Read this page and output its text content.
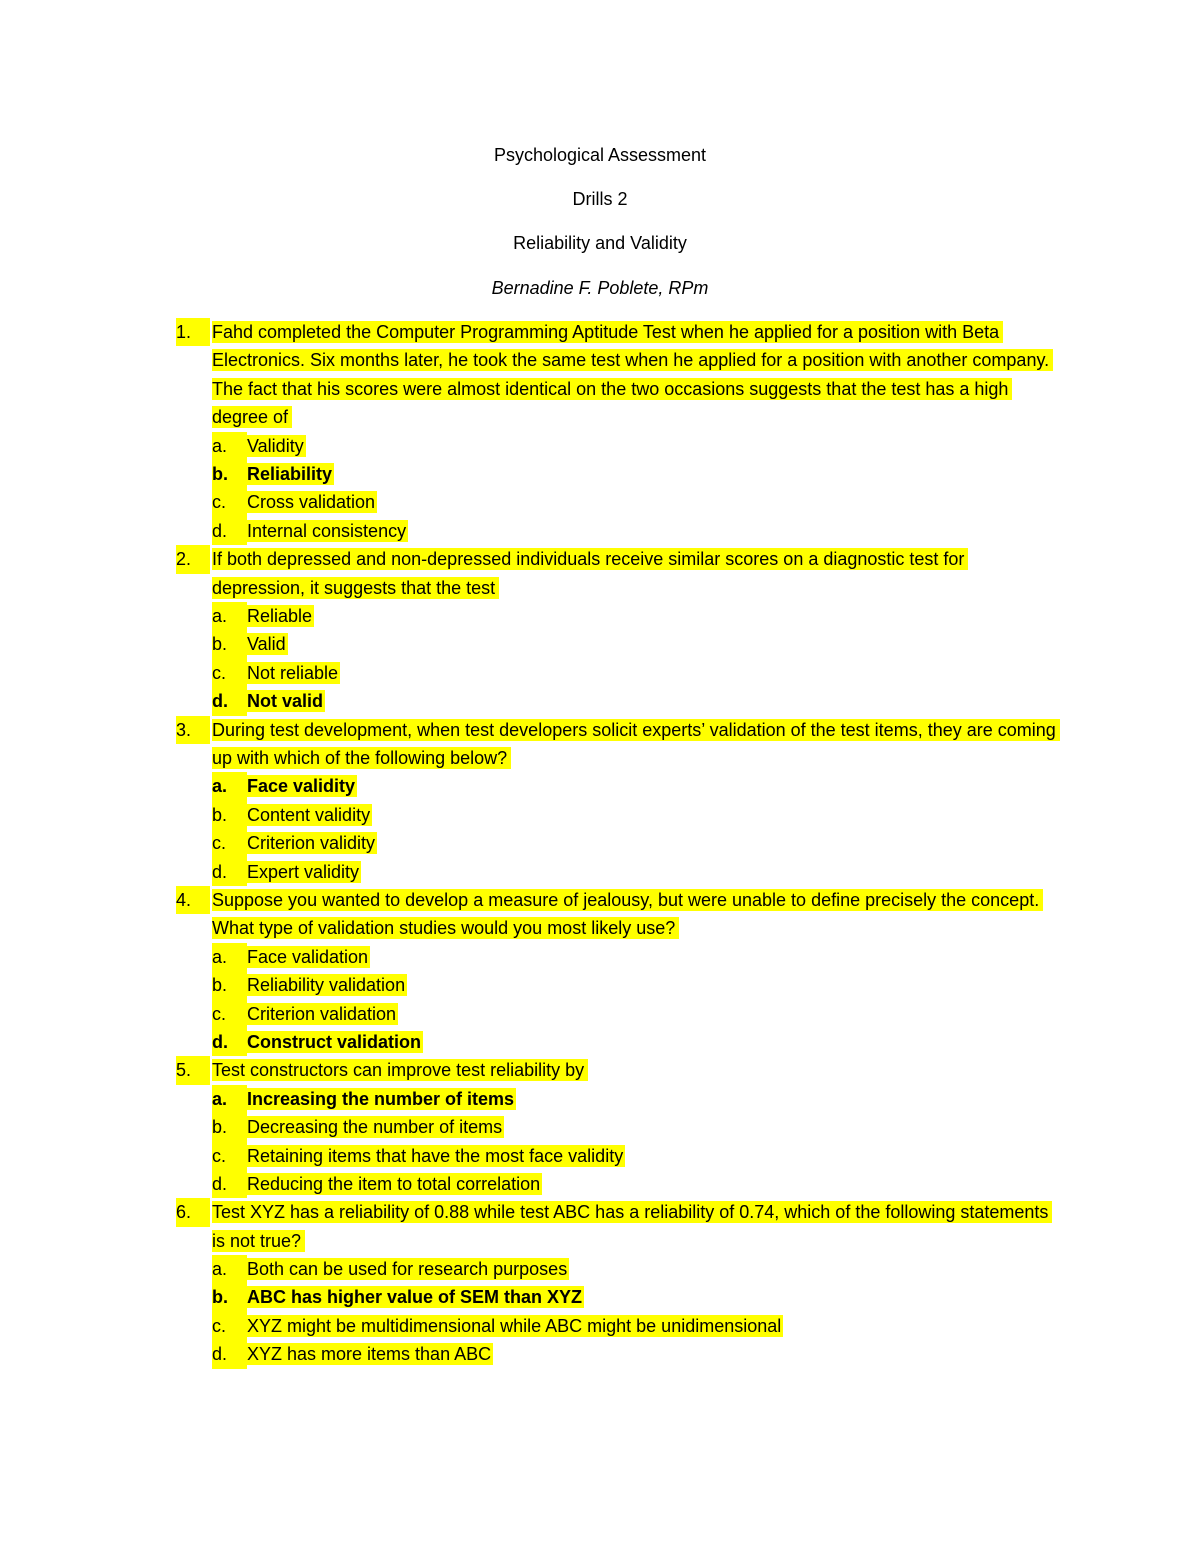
Psychological Assessment
Drills 2
Reliability and Validity
Bernadine F. Poblete, RPm
1.	Fahd completed the Computer Programming Aptitude Test when he applied for a position with Beta Electronics. Six months later, he took the same test when he applied for a position with another company. The fact that his scores were almost identical on the two occasions suggests that the test has a high degree of

a.	Validity
b.	Reliability
c.	Cross validation
d.	Internal consistency
2.	If both depressed and non-depressed individuals receive similar scores on a diagnostic test for depression, it suggests that the test

a.	Reliable
b.	Valid
c.	Not reliable
d.	Not valid
3.	During test development, when test developers solicit experts’ validation of the test items, they are coming up with which of the following below?

a.	Face validity
b.	Content validity
c.	Criterion validity
d.	Expert validity
4.	Suppose you wanted to develop a measure of jealousy, but were unable to define precisely the concept. What type of validation studies would you most likely use?

a.	Face validation
b.	Reliability validation
c.	Criterion validation
d.	Construct validation
5.	Test constructors can improve test reliability by

a.	Increasing the number of items
b.	Decreasing the number of items
c.	Retaining items that have the most face validity
d.	Reducing the item to total correlation
6.	Test XYZ has a reliability of 0.88 while test ABC has a reliability of 0.74, which of the following statements is not true?

a.	Both can be used for research purposes
b.	ABC has higher value of SEM than XYZ
c.	XYZ might be multidimensional while ABC might be unidimensional
d.	XYZ has more items than ABC
